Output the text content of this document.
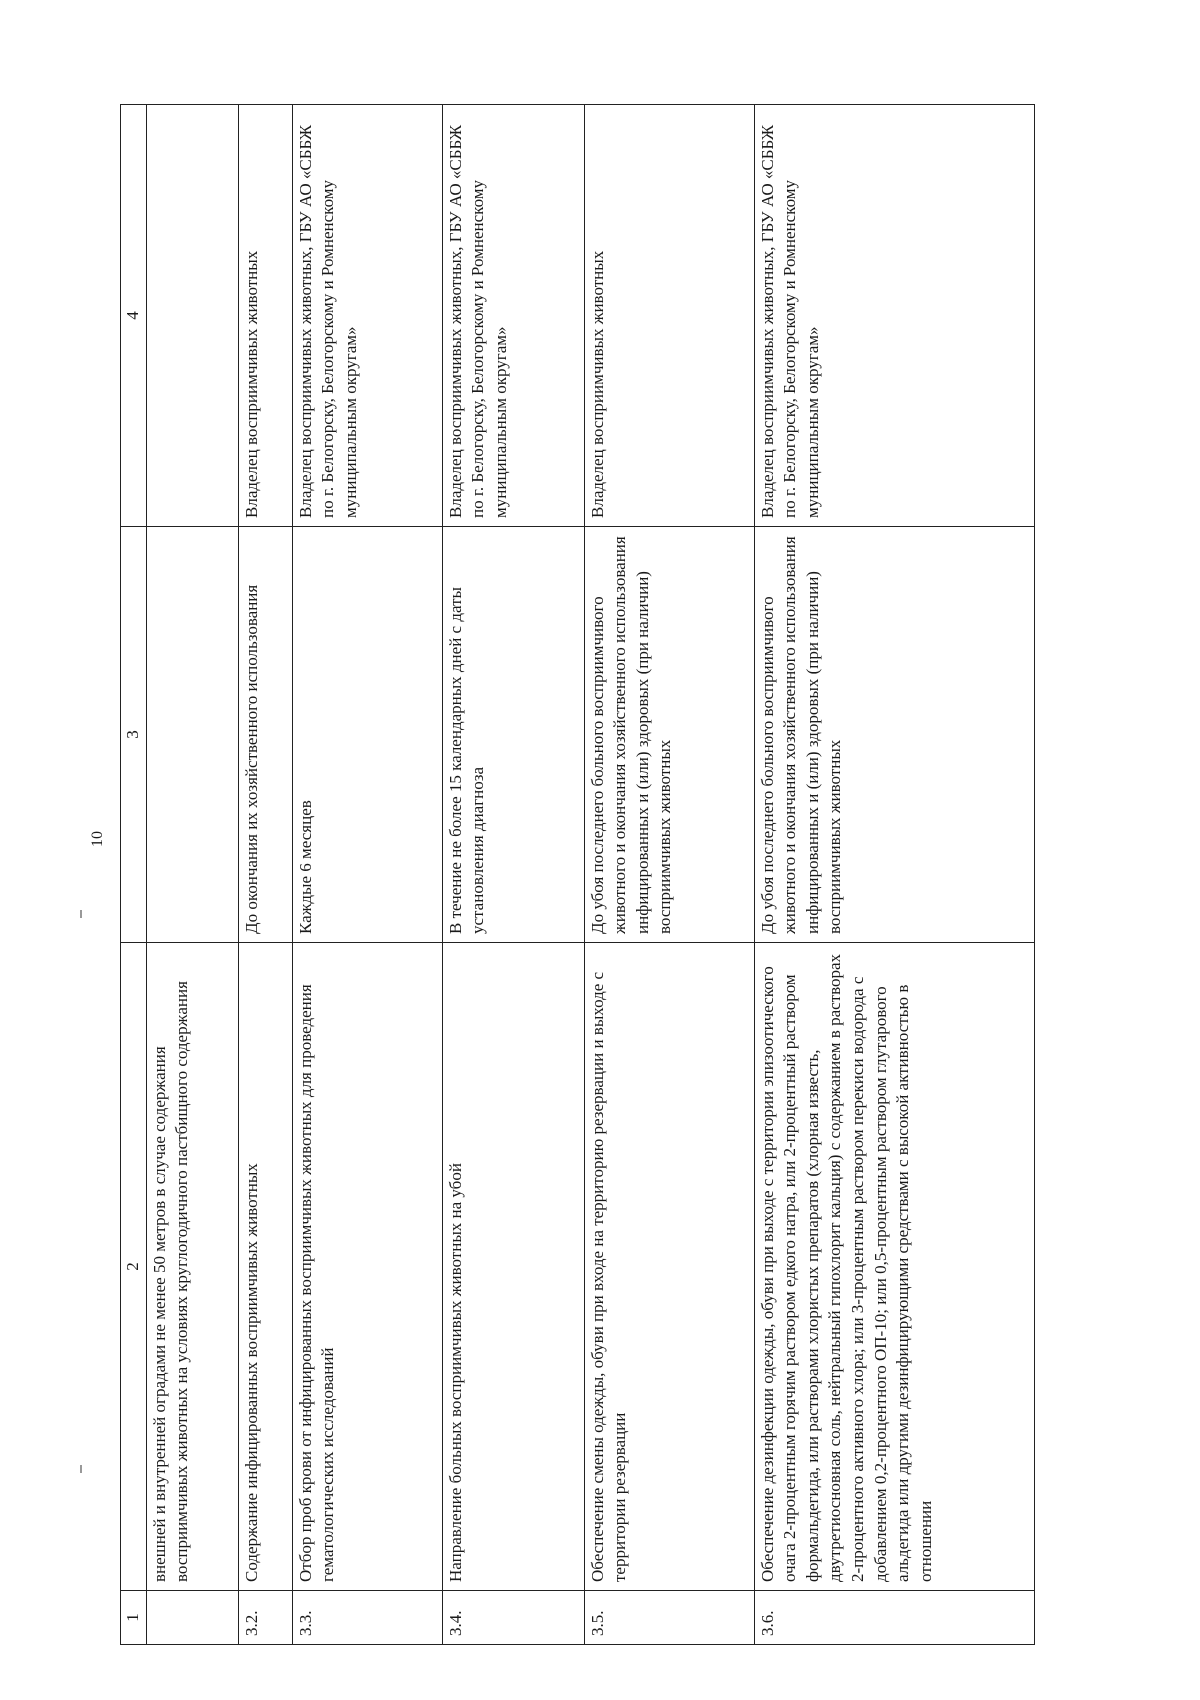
10
1	2	3	4
	внешней и внутренней оградами не менее 50 метров в случае содержания восприимчивых животных на условиях круглогодичного пастбищного содержания		
3.2.	Содержание инфицированных восприимчивых животных	До окончания их хозяйственного использования	Владелец восприимчивых животных
3.3.	Отбор проб крови от инфицированных восприимчивых животных для проведения гематологических исследований	Каждые 6 месяцев	Владелец восприимчивых животных, ГБУ АО «СББЖ по г. Белогорску, Белогорскому и Ромненскому муниципальным округам»
3.4.	Направление больных восприимчивых животных на убой	В течение не более 15 календарных дней с даты установления диагноза	Владелец восприимчивых животных, ГБУ АО «СББЖ по г. Белогорску, Белогорскому и Ромненскому муниципальным округам»
3.5.	Обеспечение смены одежды, обуви при входе на территорию резервации и выходе с территории резервации	До убоя последнего больного восприимчивого животного и окончания хозяйственного использования инфицированных и (или) здоровых (при наличии) восприимчивых животных	Владелец восприимчивых животных
3.6.	Обеспечение дезинфекции одежды, обуви при выходе с территории эпизоотического очага 2-процентным горячим раствором едкого натра, или 2-процентный раствором формальдегида, или растворами хлористых препаратов (хлорная известь, двутретиосновная соль, нейтральный гипохлорит кальция) с содержанием в растворах 2-процентного активного хлора; или 3-процентным раствором перекиси водорода с добавлением 0,2-процентного ОП-10; или 0,5-процентным раствором глутарового альдегида или другими дезинфицирующими средствами с высокой активностью в отношении	До убоя последнего больного восприимчивого животного и окончания хозяйственного использования инфицированных и (или) здоровых (при наличии) восприимчивых животных	Владелец восприимчивых животных, ГБУ АО «СББЖ по г. Белогорску, Белогорскому и Ромненскому муниципальным округам»
